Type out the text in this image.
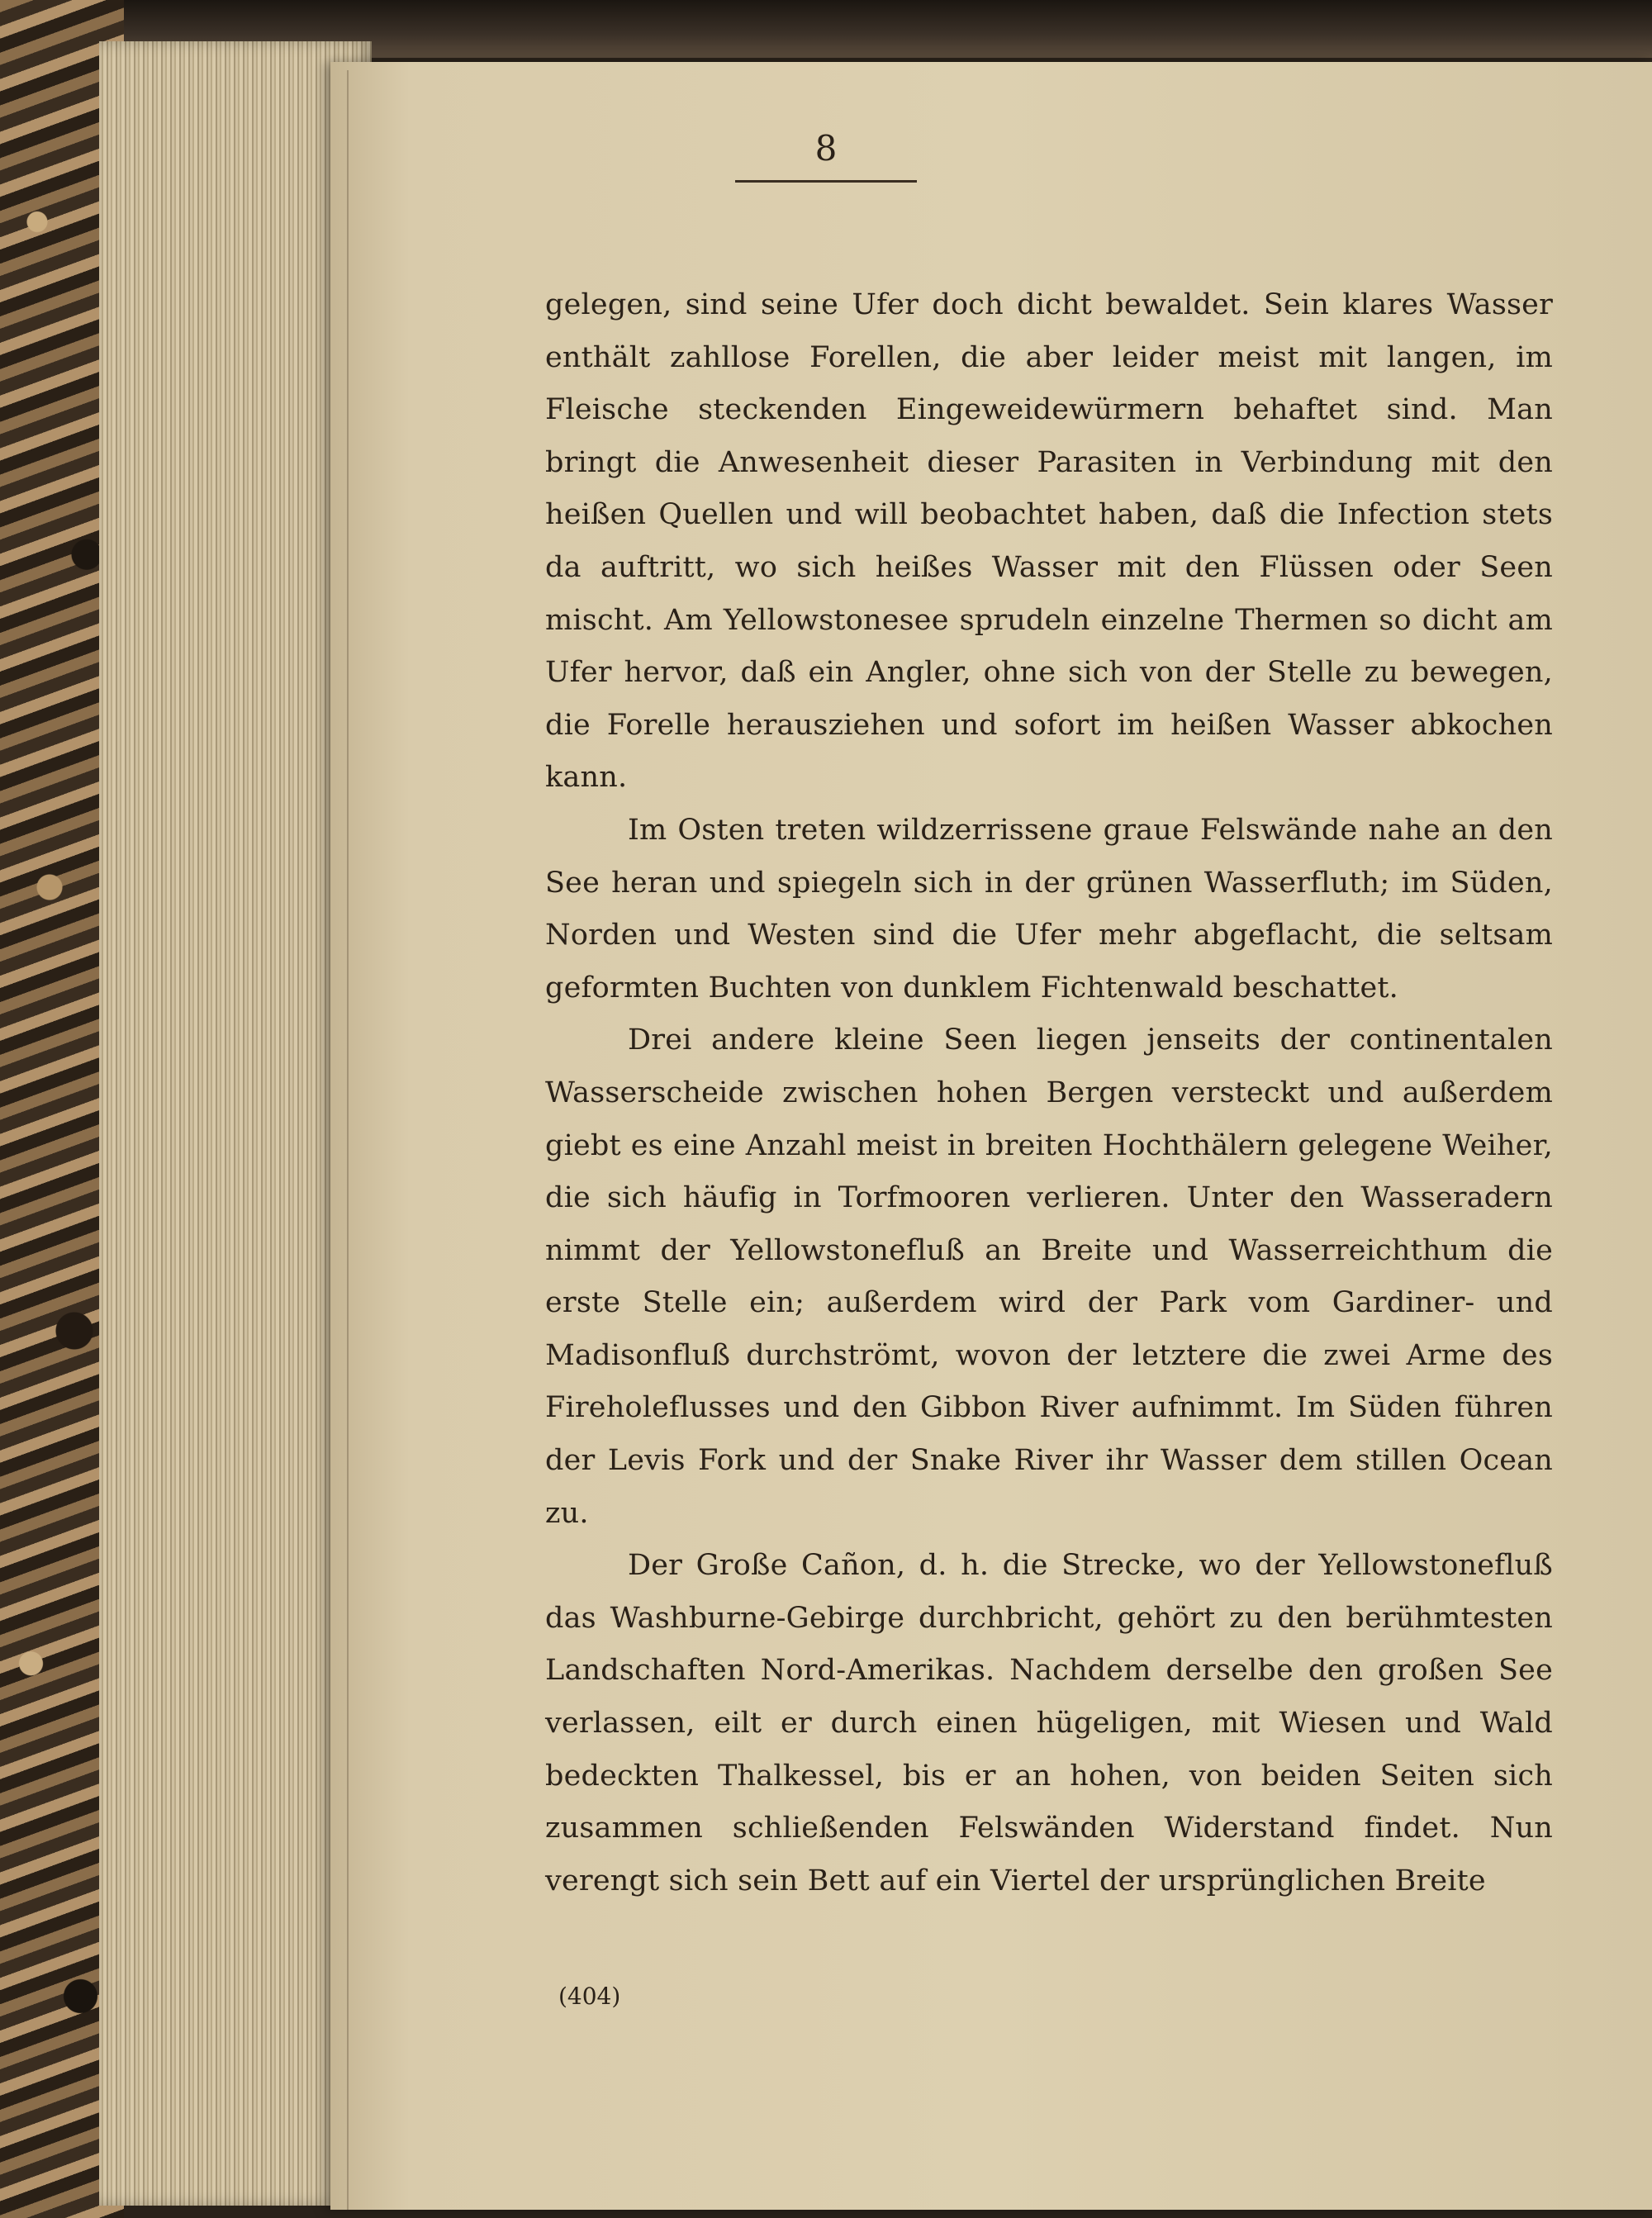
8

gelegen, sind seine Ufer doch dicht bewaldet. Sein klares Wasser enthält zahllose Forellen, die aber leider meist mit langen, im Fleische steckenden Eingeweidewürmern behaftet sind. Man bringt die Anwesenheit dieser Parasiten in Verbindung mit den heißen Quellen und will beobachtet haben, daß die Infection stets da auftritt, wo sich heißes Wasser mit den Flüssen oder Seen mischt. Am Yellowstonesee sprudeln einzelne Thermen so dicht am Ufer hervor, daß ein Angler, ohne sich von der Stelle zu bewegen, die Forelle herausziehen und sofort im heißen Wasser abkochen kann.

Im Osten treten wildzerrissene graue Felswände nahe an den See heran und spiegeln sich in der grünen Wasserfluth; im Süden, Norden und Westen sind die Ufer mehr abgeflacht, die seltsam geformten Buchten von dunklem Fichtenwald beschattet.

Drei andere kleine Seen liegen jenseits der continentalen Wasserscheide zwischen hohen Bergen versteckt und außerdem giebt es eine Anzahl meist in breiten Hochthälern gelegene Weiher, die sich häufig in Torfmooren verlieren. Unter den Wasseradern nimmt der Yellowstonefluß an Breite und Wasserreichthum die erste Stelle ein; außerdem wird der Park vom Gardiner- und Madisonfluß durchströmt, wovon der letztere die zwei Arme des Fireholeflusses und den Gibbon River aufnimmt. Im Süden führen der Levis Fork und der Snake River ihr Wasser dem stillen Ocean zu.

Der Große Cañon, d. h. die Strecke, wo der Yellowstonefluß das Washburne-Gebirge durchbricht, gehört zu den berühmtesten Landschaften Nord-Amerikas. Nachdem derselbe den großen See verlassen, eilt er durch einen hügeligen, mit Wiesen und Wald bedeckten Thalkessel, bis er an hohen, von beiden Seiten sich zusammen schließenden Felswänden Widerstand findet. Nun verengt sich sein Bett auf ein Viertel der ursprünglichen Breite

(404)
